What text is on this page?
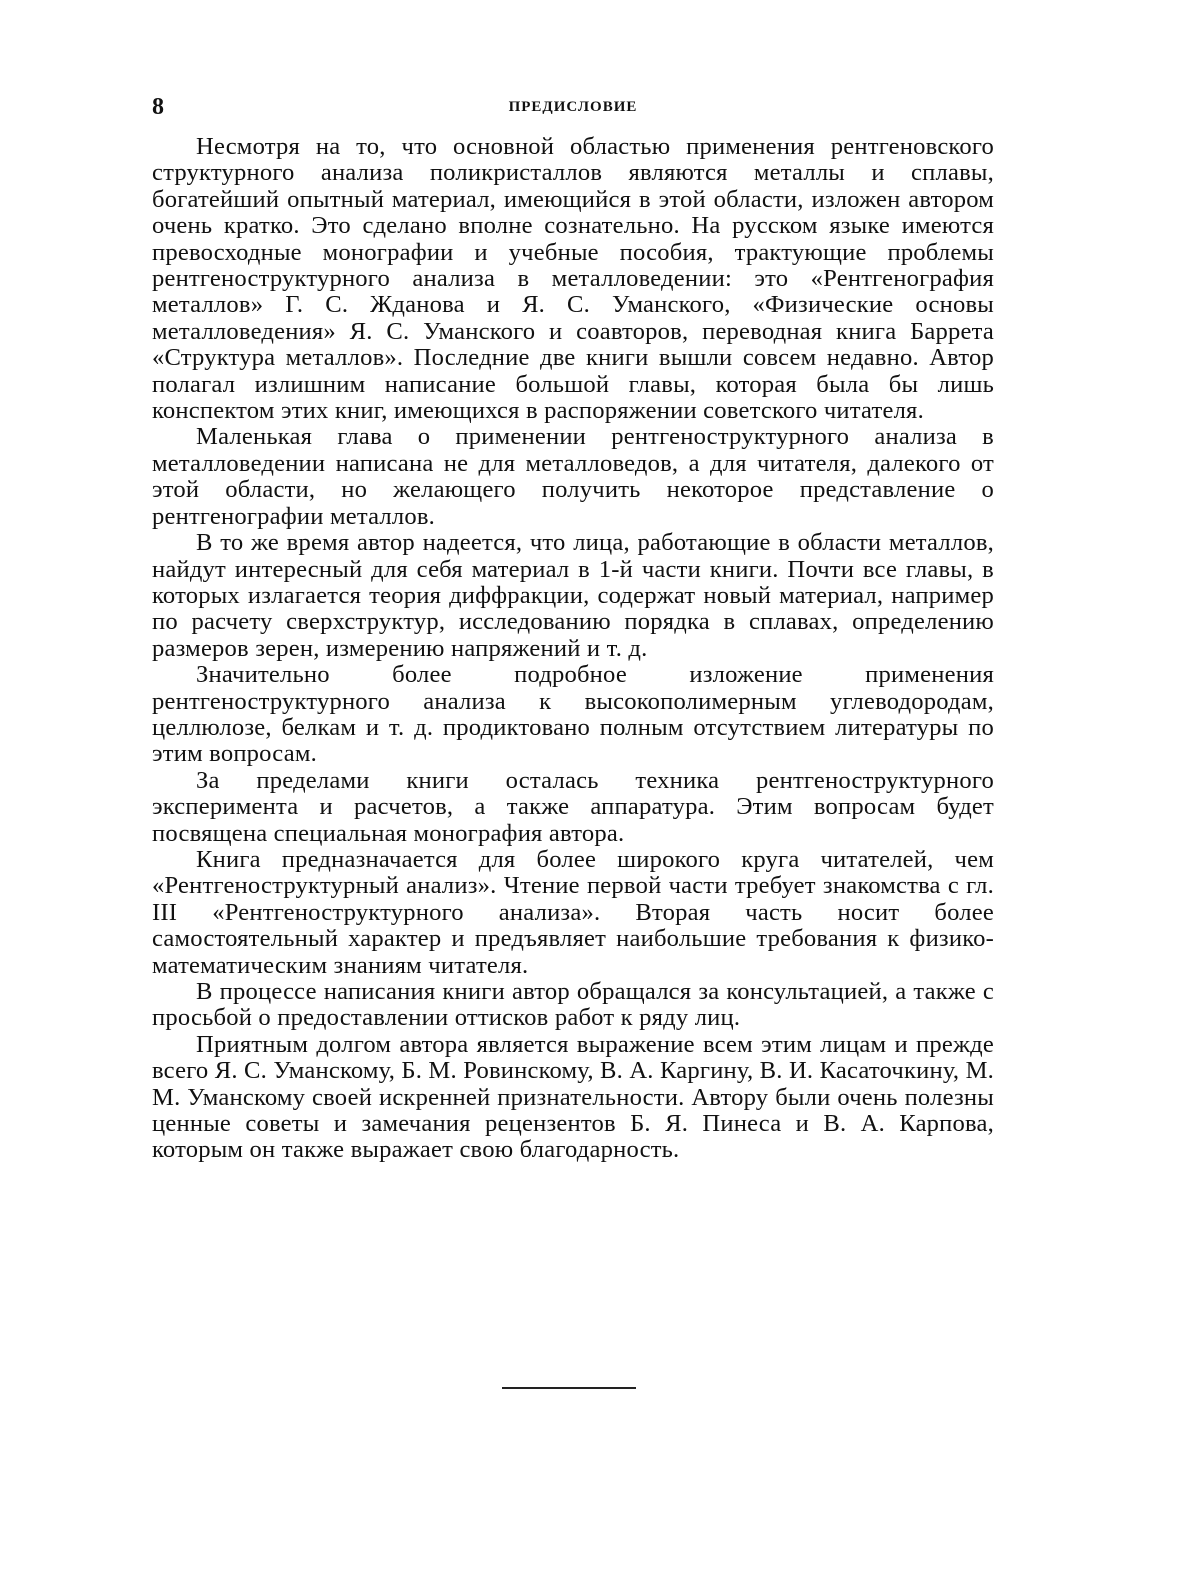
8	ПРЕДИСЛОВИЕ

Несмотря на то, что основной областью применения рентгеновского структурного анализа поликристаллов являются металлы и сплавы, богатейший опытный материал, имеющийся в этой области, изложен автором очень кратко. Это сделано вполне сознательно. На русском языке имеются превосходные монографии и учебные пособия, трактующие проблемы рентгеноструктурного анализа в металловедении: это «Рентгенография металлов» Г. С. Жданова и Я. С. Уманского, «Физические основы металловедения» Я. С. Уманского и соавторов, переводная книга Баррета «Структура металлов». Последние две книги вышли совсем недавно. Автор полагал излишним написание большой главы, которая была бы лишь конспектом этих книг, имеющихся в распоряжении советского читателя.

Маленькая глава о применении рентгеноструктурного анализа в металловедении написана не для металловедов, а для читателя, далекого от этой области, но желающего получить некоторое представление о рентгенографии металлов.

В то же время автор надеется, что лица, работающие в области металлов, найдут интересный для себя материал в 1-й части книги. Почти все главы, в которых излагается теория диффракции, содержат новый материал, например по расчету сверхструктур, исследованию порядка в сплавах, определению размеров зерен, измерению напряжений и т. д.

Значительно более подробное изложение применения рентгеноструктурного анализа к высокополимерным углеводородам, целлюлозе, белкам и т. д. продиктовано полным отсутствием литературы по этим вопросам.

За пределами книги осталась техника рентгеноструктурного эксперимента и расчетов, а также аппаратура. Этим вопросам будет посвящена специальная монография автора.

Книга предназначается для более широкого круга читателей, чем «Рентгеноструктурный анализ». Чтение первой части требует знакомства с гл. III «Рентгеноструктурного анализа». Вторая часть носит более самостоятельный характер и предъявляет наибольшие требования к физико-математическим знаниям читателя.

В процессе написания книги автор обращался за консультацией, а также с просьбой о предоставлении оттисков работ к ряду лиц.

Приятным долгом автора является выражение всем этим лицам и прежде всего Я. С. Уманскому, Б. М. Ровинскому, В. А. Каргину, В. И. Касаточкину, М. М. Уманскому своей искренней признательности. Автору были очень полезны ценные советы и замечания рецензентов Б. Я. Пинеса и В. А. Карпова, которым он также выражает свою благодарность.
